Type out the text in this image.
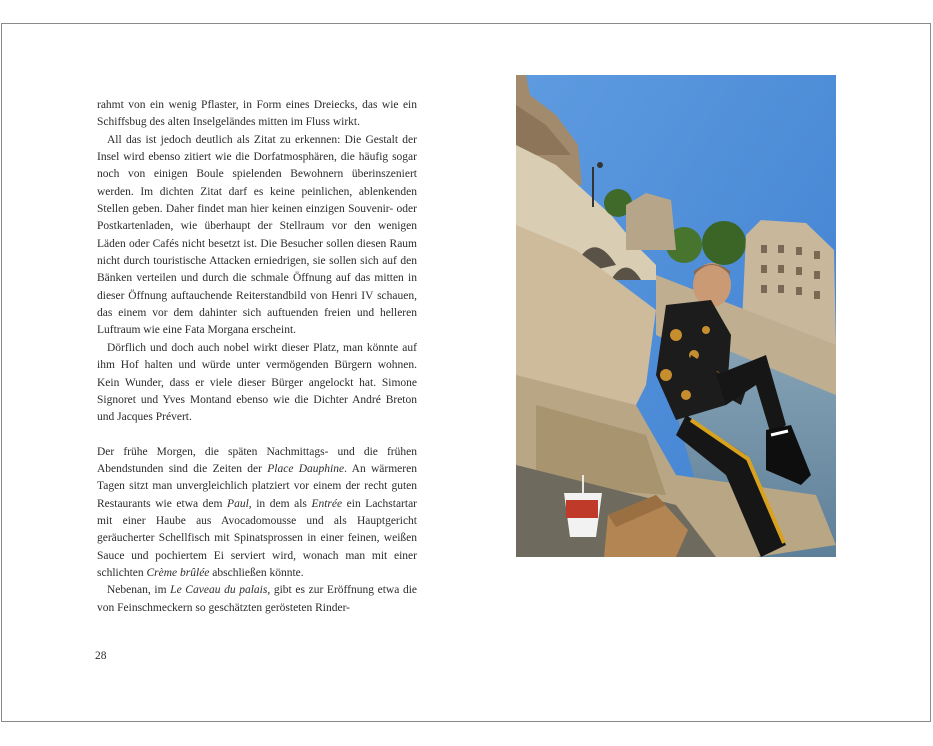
rahmt von ein wenig Pflaster, in Form eines Dreiecks, das wie ein Schiffsbug des alten Inselgeländes mitten im Fluss wirkt.

All das ist jedoch deutlich als Zitat zu erkennen: Die Gestalt der Insel wird ebenso zitiert wie die Dorfatmosphären, die häufig sogar noch von einigen Boule spielenden Bewohnern überinszeniert werden. Im dichten Zitat darf es keine peinlichen, ablenkenden Stellen geben. Daher findet man hier keinen einzigen Souvenir- oder Postkartenladen, wie überhaupt der Stellraum vor den wenigen Läden oder Cafés nicht besetzt ist. Die Besucher sollen diesen Raum nicht durch touristische Attacken erniedrigen, sie sollen sich auf den Bänken verteilen und durch die schmale Öffnung auf das mitten in dieser Öffnung auftauchende Reiterstandbild von Henri IV schauen, das einem vor dem dahinter sich auftuenden freien und helleren Luftraum wie eine Fata Morgana erscheint.

Dörflich und doch auch nobel wirkt dieser Platz, man könnte auf ihm Hof halten und würde unter vermögenden Bürgern wohnen. Kein Wunder, dass er viele dieser Bürger angelockt hat. Simone Signoret und Yves Montand ebenso wie die Dichter André Breton und Jacques Prévert.

Der frühe Morgen, die späten Nachmittags- und die frühen Abendstunden sind die Zeiten der Place Dauphine. An wärmeren Tagen sitzt man unvergleichlich platziert vor einem der recht guten Restaurants wie etwa dem Paul, in dem als Entrée ein Lachstartar mit einer Haube aus Avocadomousse und als Hauptgericht geräucherter Schellfisch mit Spinatsprossen in einer feinen, weißen Sauce und pochiertem Ei serviert wird, wonach man mit einer schlichten Crème brûlée abschließen könnte.

Nebenan, im Le Caveau du palais, gibt es zur Eröffnung etwa die von Feinschmeckern so geschätzten gerösteten Rinder-

28
